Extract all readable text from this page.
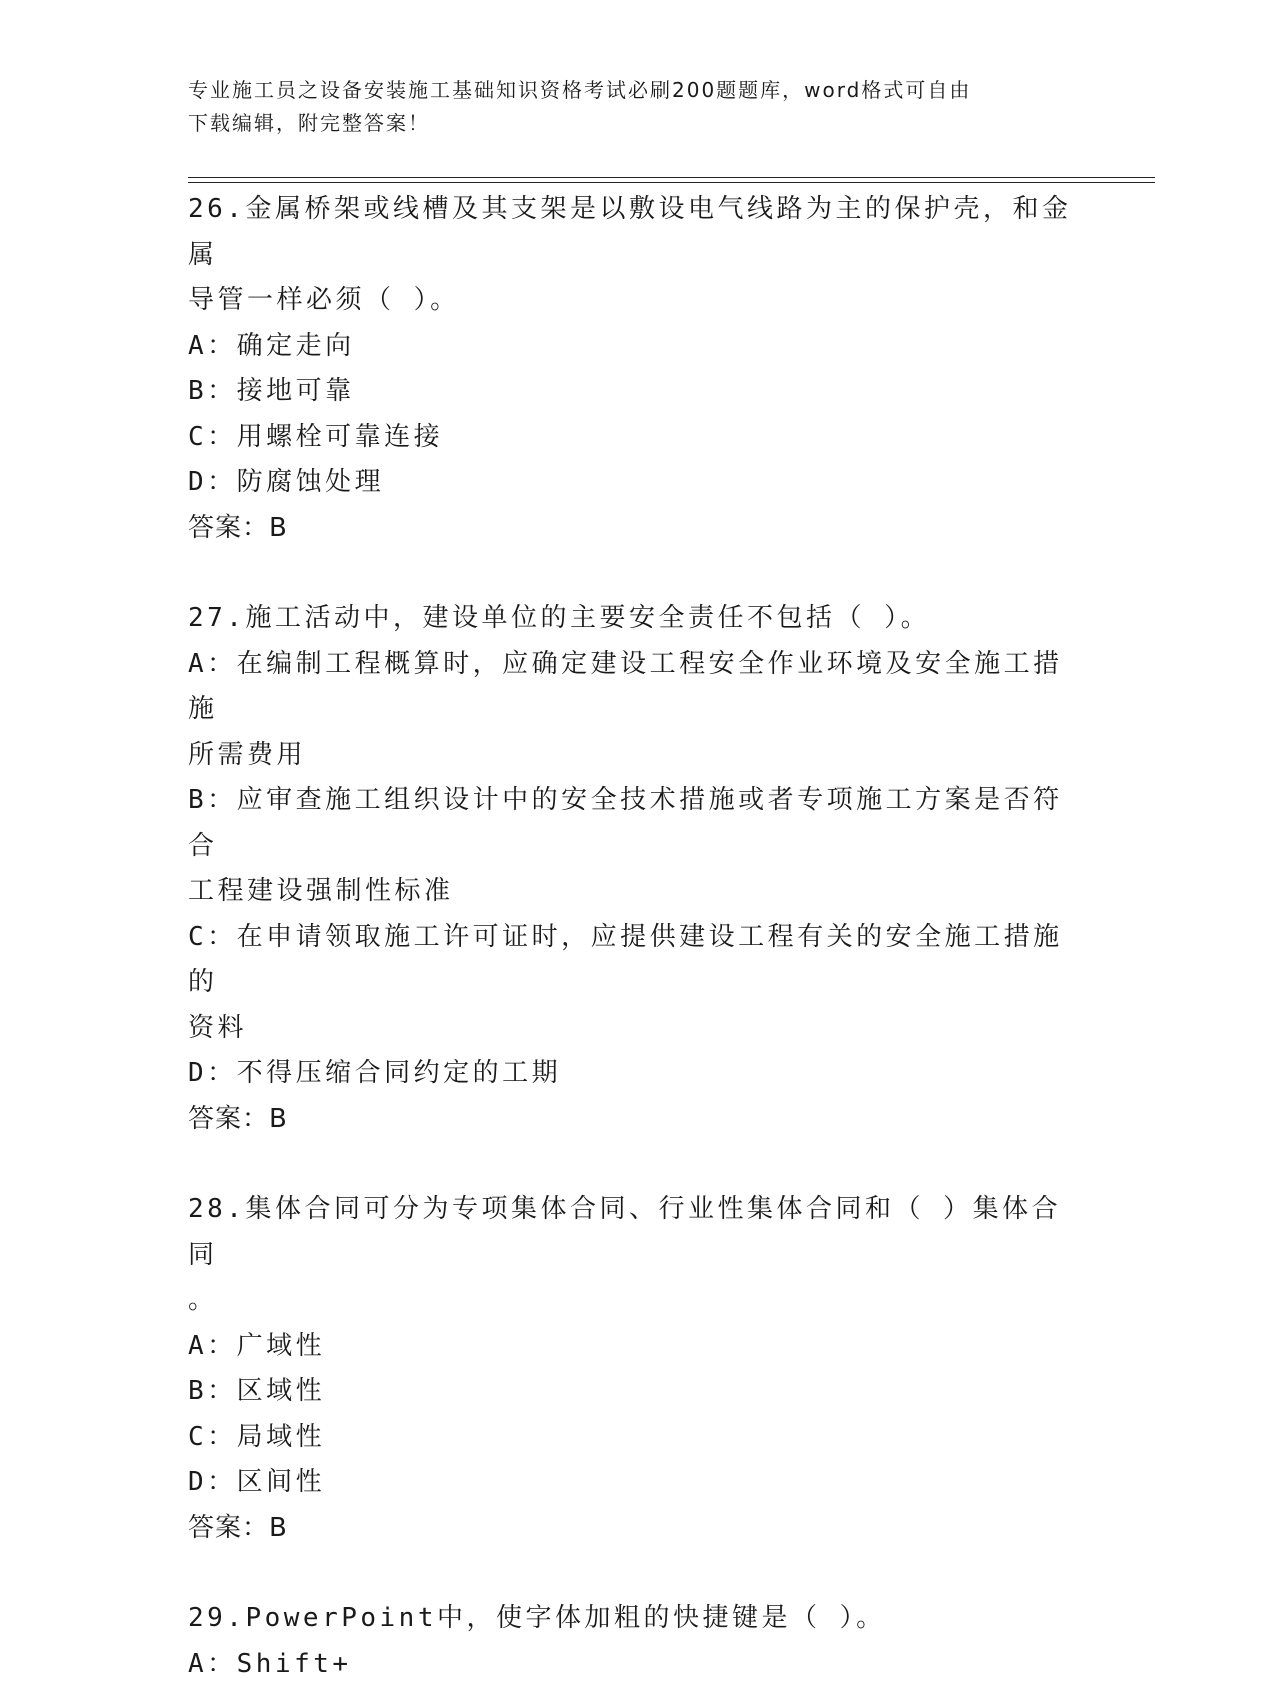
专业施工员之设备安装施工基础知识资格考试必刷200题题库，word格式可自由
下载编辑，附完整答案！
26.金属桥架或线槽及其支架是以敷设电气线路为主的保护壳，和金属
导管一样必须（ ）。
A：确定走向
B：接地可靠
C：用螺栓可靠连接
D：防腐蚀处理
答案：B
27.施工活动中，建设单位的主要安全责任不包括（ ）。
A：在编制工程概算时，应确定建设工程安全作业环境及安全施工措施
所需费用
B：应审查施工组织设计中的安全技术措施或者专项施工方案是否符合
工程建设强制性标准
C：在申请领取施工许可证时，应提供建设工程有关的安全施工措施的
资料
D：不得压缩合同约定的工期
答案：B
28.集体合同可分为专项集体合同、行业性集体合同和（ ）集体合同
。
A：广域性
B：区域性
C：局域性
D：区间性
答案：B
29.PowerPoint中，使字体加粗的快捷键是（ ）。
A：Shift+
